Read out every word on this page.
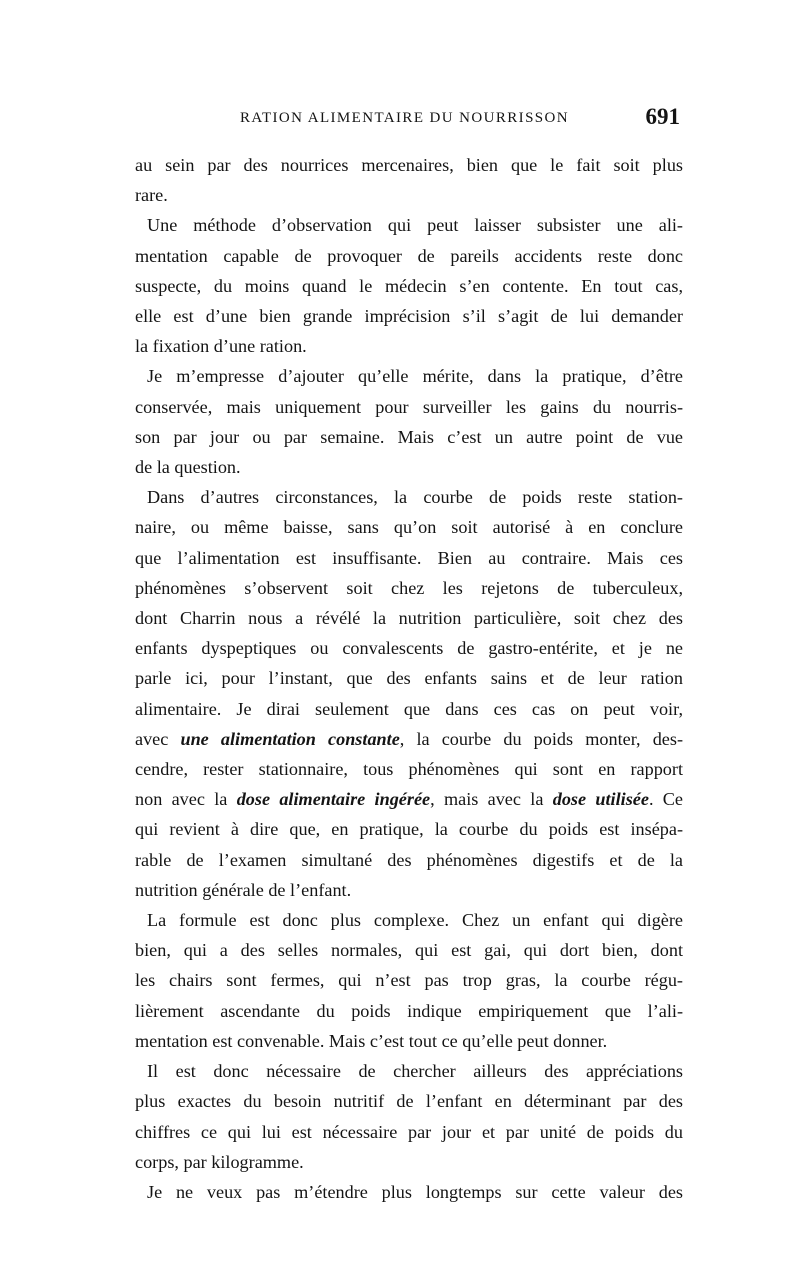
RATION ALIMENTAIRE DU NOURRISSON	691
au sein par des nourrices mercenaires, bien que le fait soit plus
rare.
Une méthode d’observation qui peut laisser subsister une ali-
mentation capable de provoquer de pareils accidents reste donc
suspecte, du moins quand le médecin s’en contente. En tout cas,
elle est d’une bien grande imprécision s’il s’agit de lui demander
la fixation d’une ration.
Je m’empresse d’ajouter qu’elle mérite, dans la pratique, d’être
conservée, mais uniquement pour surveiller les gains du nourris-
son par jour ou par semaine. Mais c’est un autre point de vue
de la question.
Dans d’autres circonstances, la courbe de poids reste station-
naire, ou même baisse, sans qu’on soit autorisé à en conclure
que l’alimentation est insuffisante. Bien au contraire. Mais ces
phénomènes s’observent soit chez les rejetons de tuberculeux,
dont Charrin nous a révélé la nutrition particulière, soit chez des
enfants dyspeptiques ou convalescents de gastro-entérite, et je ne
parle ici, pour l’instant, que des enfants sains et de leur ration
alimentaire. Je dirai seulement que dans ces cas on peut voir,
avec une alimentation constante, la courbe du poids monter, des-
cendre, rester stationnaire, tous phénomènes qui sont en rapport
non avec la dose alimentaire ingérée, mais avec la dose utilisée. Ce
qui revient à dire que, en pratique, la courbe du poids est insépa-
rable de l’examen simultané des phénomènes digestifs et de la
nutrition générale de l’enfant.
La formule est donc plus complexe. Chez un enfant qui digère
bien, qui a des selles normales, qui est gai, qui dort bien, dont
les chairs sont fermes, qui n’est pas trop gras, la courbe régu-
lièrement ascendante du poids indique empiriquement que l’ali-
mentation est convenable. Mais c’est tout ce qu’elle peut donner.
Il est donc nécessaire de chercher ailleurs des appréciations
plus exactes du besoin nutritif de l’enfant en déterminant par des
chiffres ce qui lui est nécessaire par jour et par unité de poids du
corps, par kilogramme.
Je ne veux pas m’étendre plus longtemps sur cette valeur des
